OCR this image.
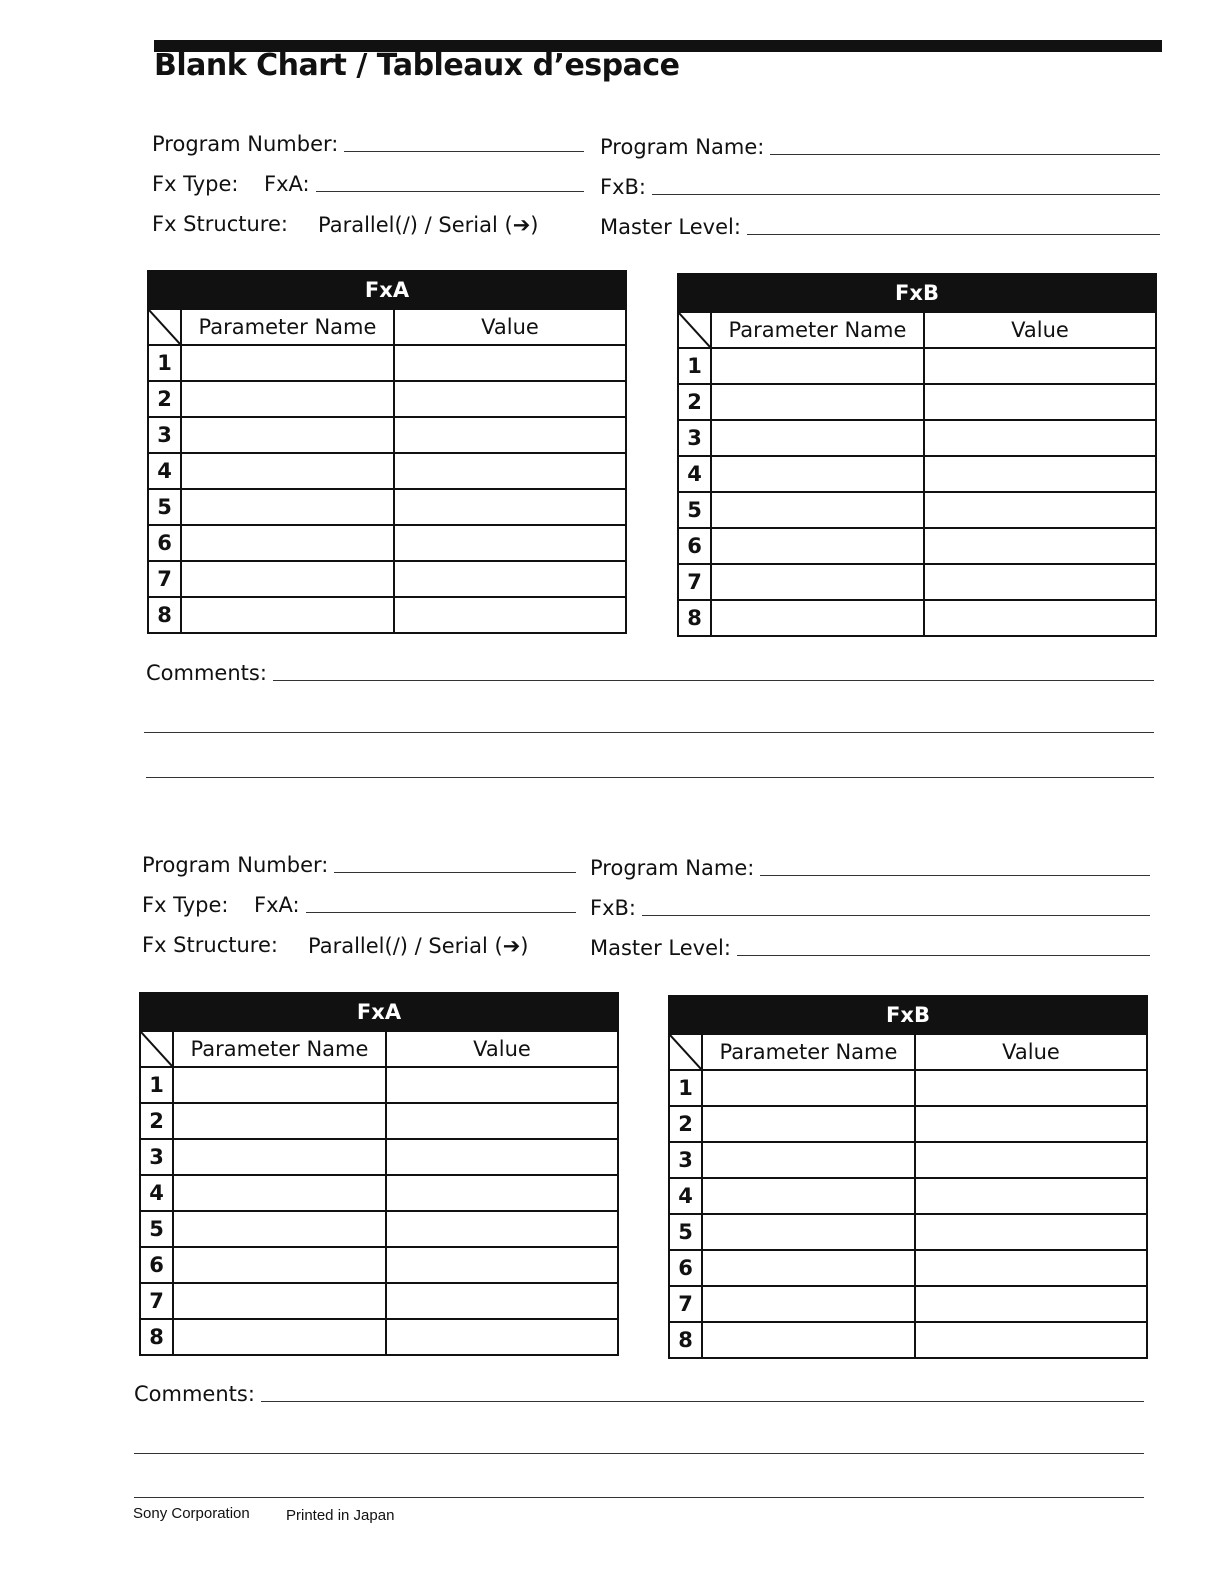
Blank Chart / Tableaux d’espace
Program Number:	Program Name:
Fx Type: FxA:	FxB:
Fx Structure: Parallel(/) / Serial (➔)	Master Level:
FxA
Parameter Name	Value
1
2
3
4
5
6
7
8
FxB
Parameter Name	Value
1
2
3
4
5
6
7
8
Comments:
Program Number:	Program Name:
Fx Type: FxA:	FxB:
Fx Structure: Parallel(/) / Serial (➔)	Master Level:
FxA
Parameter Name	Value
1
2
3
4
5
6
7
8
FxB
Parameter Name	Value
1
2
3
4
5
6
7
8
Comments:
Sony Corporation Printed in Japan
